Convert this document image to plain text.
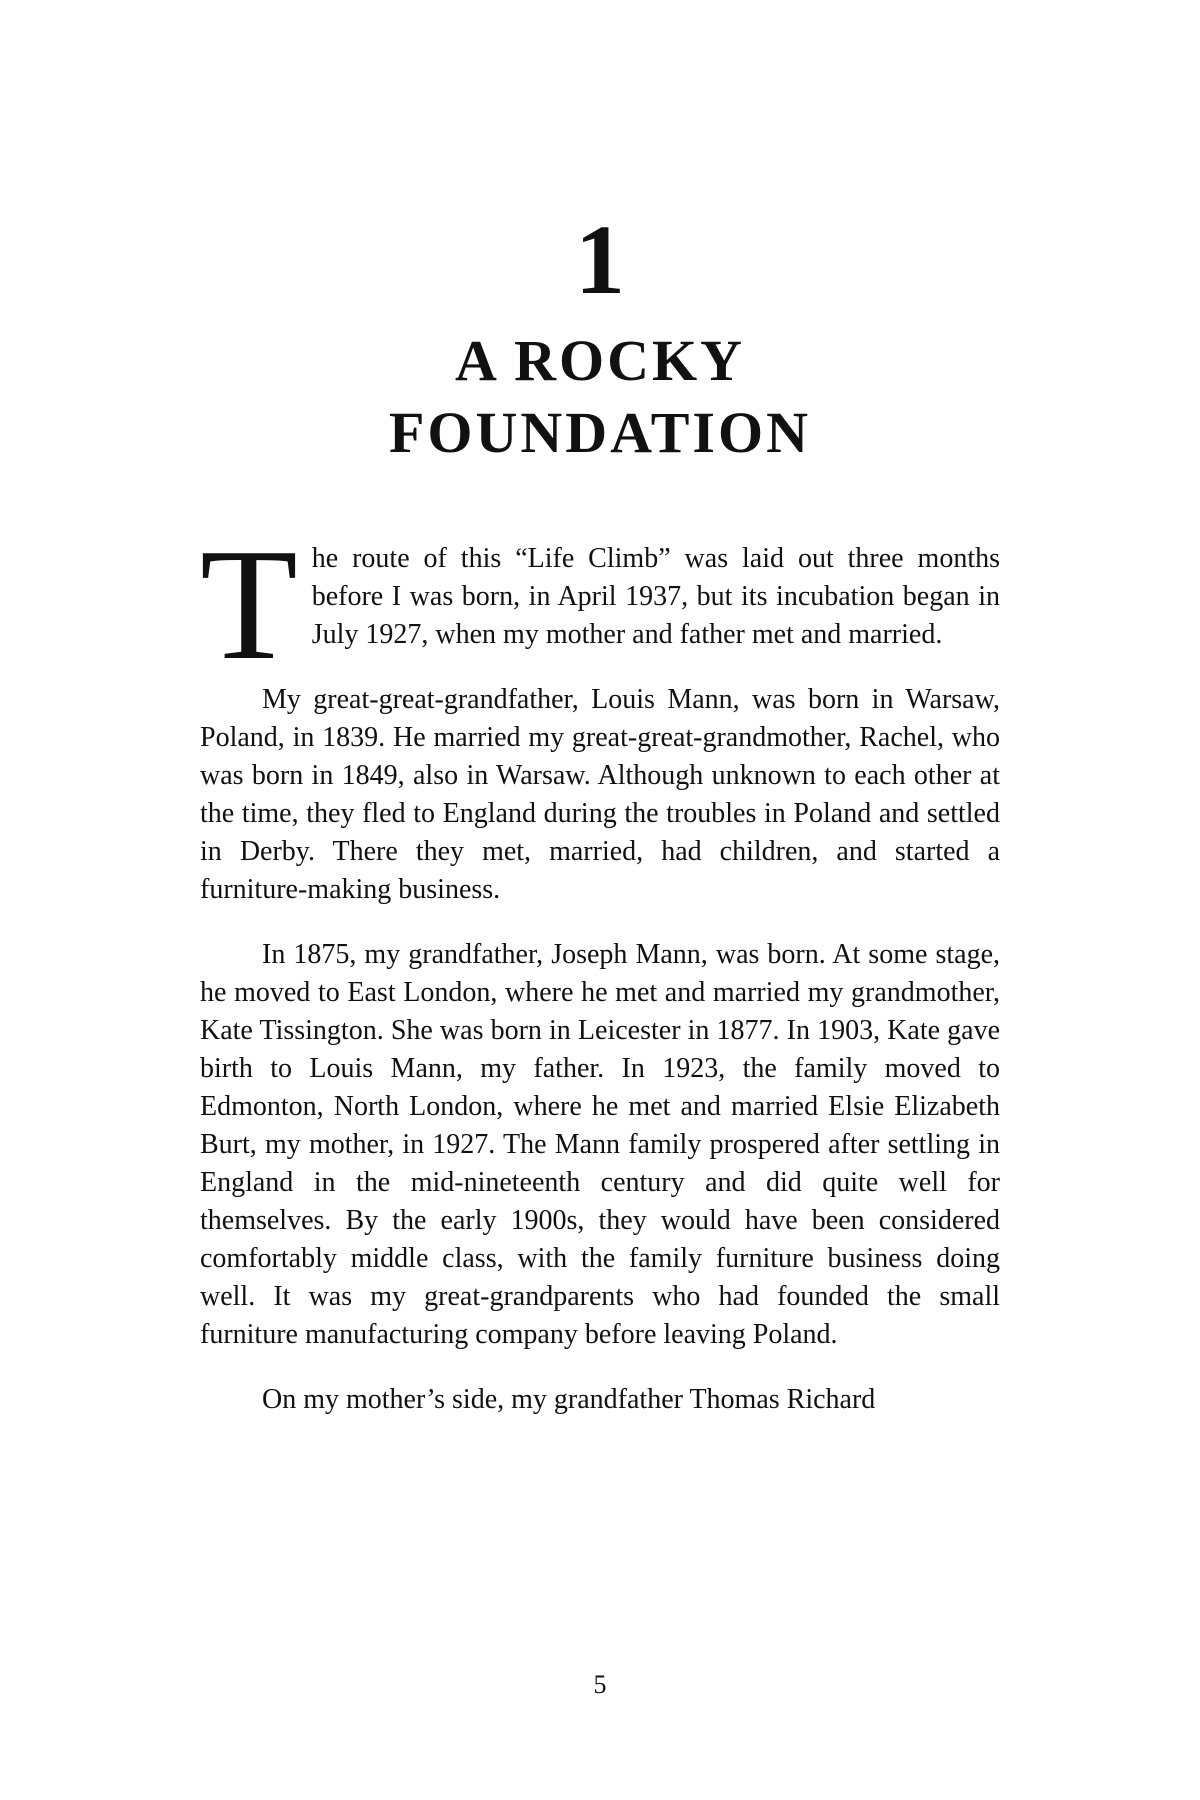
1
A ROCKY
FOUNDATION

The route of this “Life Climb” was laid out three months before I was born, in April 1937, but its incubation began in July 1927, when my mother and father met and married.

My great-great-grandfather, Louis Mann, was born in Warsaw, Poland, in 1839. He married my great-great-grandmother, Rachel, who was born in 1849, also in Warsaw. Although unknown to each other at the time, they fled to England during the troubles in Poland and settled in Derby. There they met, married, had children, and started a furniture-making business.

In 1875, my grandfather, Joseph Mann, was born. At some stage, he moved to East London, where he met and married my grandmother, Kate Tissington. She was born in Leicester in 1877. In 1903, Kate gave birth to Louis Mann, my father. In 1923, the family moved to Edmonton, North London, where he met and married Elsie Elizabeth Burt, my mother, in 1927. The Mann family prospered after settling in England in the mid-nineteenth century and did quite well for themselves. By the early 1900s, they would have been considered comfortably middle class, with the family furniture business doing well. It was my great-grandparents who had founded the small furniture manufacturing company before leaving Poland.

On my mother’s side, my grandfather Thomas Richard

5
